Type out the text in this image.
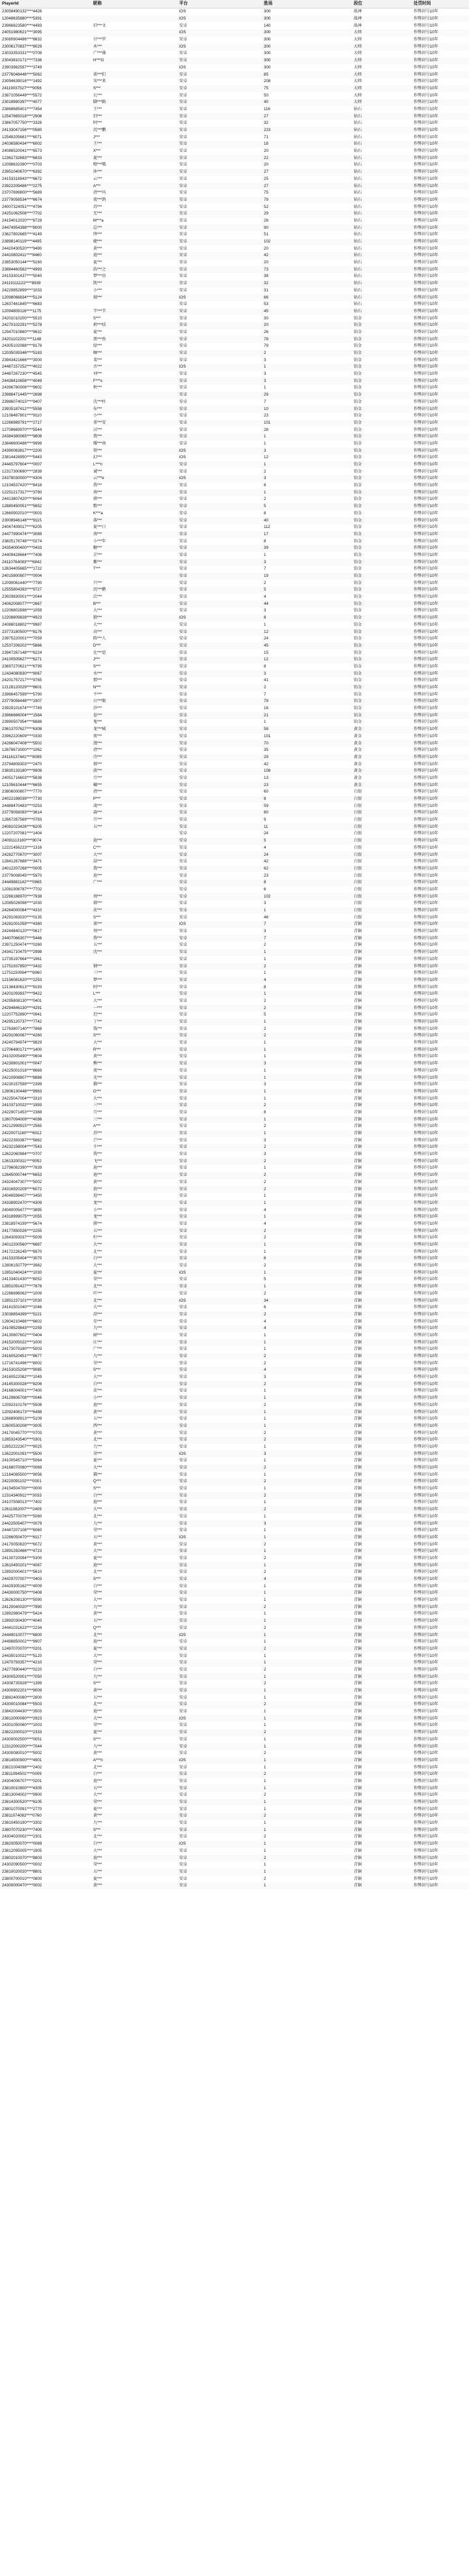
PlayerId	昵称	平台	胜场	段位	处罚时间
23058490132****4426		iOS	300	战神	作弊封号10年
12048635880****5391		iOS	300	战神	作弊封号10年
23966823580****4493	旧***文	安卓	140	战神	作弊封号10年
24051980621****3095		iOS	300	大师	作弊封号10年
23080904486****8632	甘***罗	安卓	300	大师	作弊封号10年
23006170837****8029	木***	iOS	300	大师	作弊封号10年
23033353331****0708	广***藻	安卓	300	大师	作弊封号10年
23043810171****7336	H***G	安卓	300	大师	作弊封号10年
23903982597****3749		iOS	300	大师	作弊封号10年
23776048446****5062	诺***们	安卓	85	大师	作弊封号10年
23094639016****1492	宋***来	安卓	208	大师	作弊封号10年
24119037527****9056	S***	安卓	75	大师	作弊封号10年
23871056449****5572	瓦***	安卓	50	大师	作弊封号10年
23018990397****4077	脚***路	安卓	40	大师	作弊封号10年
23868685401****7454	王***	安卓	116	钻石	作弊封号10年
12547665018****2908	旧***	安卓	27	钻石	作弊封号10年
23867057750****3326	阿***	安卓	32	钻石	作弊封号10年
24133047156****0580	沉***鹏	安卓	223	钻石	作弊封号10年
12548205681****6071	J***	安卓	71	钻石	作弊封号10年
24036580434****6002	王***	安卓	18	钻石	作弊封号10年
24086520041****6573	X***	安卓	20	钻石	作弊封号10年
12361732693****6833	夏***	安卓	22	钻石	作弊封号10年
12098632390****0703	嗯***哦	安卓	20	钻石	作弊封号10年
23951040670****6392	沐***	安卓	27	钻石	作弊封号10年
24153318943****6672	云***	安卓	25	钻石	作弊封号10年
23922209486****2275	A***	安卓	27	钻石	作弊封号10年
23707699800****5689	清***风	安卓	75	钻石	作弊封号10年
23779058534****6674	夜***鸽	安卓	79	钻石	作弊封号10年
24007324051****4794	苏***	安卓	52	钻石	作弊封号10年
24251062506****7702	无***	安卓	29	钻石	作弊封号10年
24154012020****8728	M***a	安卓	28	钻石	作弊封号10年
24474954398****8000	忘***	安卓	90	钻石	作弊封号10年
23627802685****4149	绛***	安卓	51	钻石	作弊封号10年
23898140119****4495	婕***	安卓	102	钻石	作弊封号10年
24420430520****9490	黄***	安卓	20	钻石	作弊封号10年
24410802411****8460	迪***	安卓	42	钻石	作弊封号10年
23853050144****5160	夏***	安卓	20	钻石	作弊封号10年
23884460582****4993	浩***之	安卓	73	钻石	作弊封号10年
24153301437****5040	梦***语	安卓	38	钻石	作弊封号10年
24119111122****8939	凯***	安卓	32	钻石	作弊封号10年
24229852899****1033	小***	安卓	31	钻石	作弊封号10年
12098066834****5124	瑞***	iOS	66	钻石	作弊封号10年
12637461845****6683		安卓	53	钻石	作弊封号10年
12094809116****1175	半***半	安卓	45	钻石	作弊封号10年
24201010200****5510	S***	安卓	30	铂金	作弊封号10年
24270102291****5278	莉***结	安卓	20	铂金	作弊封号10年
12947010860****9632	夏***	安卓	26	铂金	作弊封号10年
24201102201****1148	黑***鱼	安卓	78	铂金	作弊封号10年
24305102088****8178	绿***	安卓	79	铂金	作弊封号10年
12035039346****5183	咖***	安卓	2	铂金	作弊封号10年
23943421666****3000	菜***	安卓	3	铂金	作弊封号10年
24487157252****4022	古***	iOS	1	铂金	作弊封号10年
24487267230****4545	刘***	安卓	3	铂金	作弊封号10年
24438410656****4049	F***x	安卓	3	铂金	作弊封号10年
24396780006****9602	秋***	安卓	1	铂金	作弊封号10年
23988471445****2698		安卓	29	铂金	作弊封号10年
23986074015****9407	沈***柱	安卓	7	铂金	作弊封号10年
23935187412****5558	布***	安卓	10	铂金	作弊封号10年
12108487801****9110	小***	安卓	23	铂金	作弊封号10年
12266989791****2717	重***安	安卓	101	铂金	作弊封号10年
12708669970****5544	汉***	安卓	28	铂金	作弊封号10年
24384380065****9808	我***	安卓	1	铂金	作弊封号10年
23846600486****9999	耀***南	安卓	1	铂金	作弊封号10年
24390063817****2200	铁***	iOS	3	铂金	作弊封号10年
23814428950****5443	幻***	iOS	12	铂金	作弊封号10年
24445797604****0007	L***n	安卓	1	铂金	作弊封号10年
12317300690****2839	诚***	安卓	2	铂金	作弊封号10年
24378030000****4304	云***e	iOS	3	铂金	作弊封号10年
12104537420****8418	我***	安卓	6	铂金	作弊封号10年
12251217317****3790	南***	安卓	1	铂金	作弊封号10年
24413807420****6064	猪***	安卓	2	铂金	作弊封号10年
12880450051****5652	歌***	安卓	5	铂金	作弊封号10年
12660902010****0003	K***a	安卓	8	铂金	作弊封号10年
23008946148****9115	落***	安卓	40	铂金	作弊封号10年
24047409017****6205	夏***日	安卓	112	铂金	作弊封号10年
24477990474****3089	南***	安卓	17	铂金	作弊封号10年
23825176748****0274	小***年	安卓	8	铂金	作弊封号10年
24354000400****0433	糖***	安卓	39	铂金	作弊封号10年
24409428664****7408	芷***	安卓	1	铂金	作弊封号10年
24110764083****6842	紫***	安卓	3	铂金	作弊封号10年
12634405665****1722	T***	安卓	7	铂金	作弊封号10年
24015800807****0004		安卓	19	铂金	作弊封号10年
12090061440****7790	只***	安卓	2	铂金	作弊封号10年
12555804393****9727	沉***鹅	安卓	5	铂金	作弊封号10年
23929830001****2044	泛***	安卓	4	铂金	作弊封号10年
24062008077****2667	B***	安卓	44	铂金	作弊封号10年
12206802898****1059	大***	安卓	3	铂金	作弊封号10年
12208809828****4923	猜***	iOS	8	铂金	作弊封号10年
24088018802****9987	大***	安卓	1	铂金	作弊封号10年
23773180500****8176	高***	安卓	12	铂金	作弊封号10年
23975220001****7059	陈***人	安卓	24	铂金	作弊封号10年
12537206202****5866	D***	安卓	45	铂金	作弊封号10年
23947267148****6224	比***恩	安卓	15	铂金	作弊封号10年
24100505627****6271	J***	安卓	12	铂金	作弊封号10年
23697270621****6799	S***	安卓	8	铂金	作弊封号10年
12434080830****9067	水***	安卓	3	铂金	作弊封号10年
24201757217****9765	那***	安卓	41	铂金	作弊封号10年
12128120029****8601	N***	安卓	2	铂金	作弊封号10年
23966457599****5790	不***	安卓	7	铂金	作弊封号10年
23779056448****1907	日***眼	安卓	79	铂金	作弊封号10年
23929101674****7749	沙***	安卓	16	铂金	作弊封号10年
23966666004****1564	卷***	安卓	21	铂金	作弊封号10年
23990507954****6888	鬼***	安卓	1	铂金	作弊封号10年
23613707627****6308	龙***城	安卓	58	黄金	作弊封号10年
23962220609****0330	夜***	安卓	101	黄金	作弊封号10年
24266047408****5502	漫***	安卓	70	黄金	作弊封号10年
12678673000****1062	清***	安卓	35	黄金	作弊封号10年
24116137441****8099	冷***	安卓	29	黄金	作弊封号10年
23794809303****2470	郝***	安卓	42	黄金	作弊封号10年
23830133180****9908	淡***	安卓	108	黄金	作弊封号10年
24051716603****5838	月***	安卓	13	黄金	作弊封号10年
12105610444****6655	橘***	安卓	23	黄金	作弊封号10年
23806000807****7770	清***	安卓	60	白银	作弊封号10年
24022198039****7730	P***	安卓	8	白银	作弊封号10年
24488470483****0253	凌***	安卓	59	白银	作弊封号10年
23779058093****3614	森***	安卓	60	白银	作弊封号10年
12667267569****0783	月***	安卓	9	白银	作弊封号10年
24081023426****6205	五***	安卓	11	白银	作弊封号10年
12207207081****1404		安卓	24	白银	作弊封号10年
24091113180****9074	迪***	安卓	5	白银	作弊封号10年
12221456223****1316	C***	安卓	4	白银	作弊封号10年
24282770670****3007	大***	安卓	24	白银	作弊封号10年
12841267888****3471	喆***	安卓	42	白银	作弊封号10年
24012207268****0005	我***	安卓	62	白银	作弊封号10年
23779008045****5970	迪***	安卓	23	白银	作弊封号10年
24449881142****0865	广***	安卓	8	白银	作弊封号10年
12081906787****7702		安卓	6	白银	作弊封号10年
12266188970****7938	周***	安卓	102	白银	作弊封号10年
12085026098****1030	郝***	安卓	3	白银	作弊封号10年
24264000084****4310	皮***	安卓	1	白银	作弊封号10年
24291083020****0135	S***	安卓	46	白银	作弊封号10年
24281001059****4380	诺***	iOS	7	青铜	作弊封号10年
24244840120****0617	周***	安卓	3	青铜	作弊封号10年
24407066307****5446	我***	安卓	7	青铜	作弊封号10年
23971250474****0260	五***	安卓	2	青铜	作弊封号10年
24341710475****2998	沈***	安卓	1	青铜	作弊封号10年
12735197664****1961		安卓	1	青铜	作弊封号10年
12751937850****3432	钢***	安卓	2	青铜	作弊封号10年
12751150994****8960	三***	安卓	1	青铜	作弊封号10年
12156081620****2253	梦***	安卓	4	青铜	作弊封号10年
12136430613****9193	阿***	安卓	8	青铜	作弊封号10年
24201093837****9422	L***	安卓	1	青铜	作弊封号10年
24295808130****0401	大***	安卓	2	青铜	作弊封号10年
24294846130****4291	一***	安卓	2	青铜	作弊封号10年
12207752890****0941	迟***	安卓	5	青铜	作弊封号10年
24295120737****7742	丁***	安卓	1	青铜	作弊封号10年
12763807140****7868	钱***	安卓	2	青铜	作弊封号10年
24291060067****4260	S***	安卓	2	青铜	作弊封号10年
24240794974****9829	大***	安卓	1	青铜	作弊封号10年
12706480171****1400	R***	安卓	1	青铜	作弊封号10年
24102005490****0604	黄***	安卓	1	青铜	作弊封号10年
24230801001****0047	熊***	安卓	3	青铜	作弊封号10年
24225001018****8669	夜***	安卓	1	青铜	作弊封号10年
24210908807****8888	光***	安卓	1	青铜	作弊封号10年
24230157599****2399	猫***	安卓	3	青铜	作弊封号10年
12806130448****9983	G***	安卓	1	青铜	作弊封号10年
24225047004****3310	大***	安卓	1	青铜	作弊封号10年
24103710022****1993	三***	安卓	2	青铜	作弊封号10年
24229071453****2388	月***	安卓	6	青铜	作弊封号10年
12607094009****4098	三***	安卓	1	青铜	作弊封号10年
24212999915****2565	A***	安卓	2	青铜	作弊封号10年
24220071160****6012	苏***	安卓	1	青铜	作弊封号10年
24222393387****5662	芒***	安卓	3	青铜	作弊封号10年
24232158004****7543	千***	安卓	2	青铜	作弊封号10年
12622060984****0707	我***	安卓	3	青铜	作弊封号10年
12613200311****9052	飞***	安卓	2	青铜	作弊封号10年
12796082390****7839	迪***	安卓	1	青铜	作弊封号10年
12645000744****6653	迪***	安卓	2	青铜	作弊封号10年
24324047307****5002	黄***	安卓	2	青铜	作弊封号10年
24316920209****6072	浪***	安卓	2	青铜	作弊封号10年
24048598407****3450	追***	安卓	1	青铜	作弊封号10年
24338902470****4309	龙***	安卓	1	青铜	作弊封号10年
24040005477****3895	小***	安卓	4	青铜	作弊封号10年
24318999075****2055	龙***	安卓	1	青铜	作弊封号10年
23818974199****5674	猪***	安卓	4	青铜	作弊封号10年
24177850026****2255	五***	安卓	2	青铜	作弊封号10年
12643093037****5009	柠***	安卓	2	青铜	作弊封号10年
24012200560****6687	大***	安卓	1	青铜	作弊封号10年
24172226245****8970	北***	安卓	1	青铜	作弊封号10年
24153205404****3070	白***	安卓	6	青铜	作弊封号10年
12806150779****3982	大***	安卓	2	青铜	作弊封号10年
12851040424****1030	夏***	iOS	1	青铜	作弊封号10年
24133401430****8052	荣***	安卓	5	青铜	作弊封号10年
12851091427****7878	北***	安卓	1	青铜	作弊封号10年
12286696062****1009	吖***	安卓	2	青铜	作弊封号10年
12851237101****2030	北***	iOS	34	青铜	作弊封号10年
24141501040****1046	大***	安卓	6	青铜	作弊封号10年
23038854399****5221	凉***	安卓	2	青铜	作弊封号10年
12804210466****6602	星***	安卓	4	青铜	作弊封号10年
24109529843****2259	九***	安卓	4	青铜	作弊封号10年
24130807602****0404	耐***	安卓	1	青铜	作弊封号10年
24152005022****1000	江***	安卓	1	青铜	作弊封号10年
24173079180****5003	广***	安卓	1	青铜	作弊封号10年
24160520451****8677	九***	安卓	2	青铜	作弊封号10年
12716741496****8002	荣***	安卓	2	青铜	作弊封号10年
24153025208****9085	S***	安卓	4	青铜	作弊封号10年
24160522082****1049	大***	安卓	3	青铜	作弊封号10年
24145300028****8206	白***	安卓	2	青铜	作弊封号10年
24168004001****7400	皮***	安卓	1	青铜	作弊封号10年
24129606708****0046	小***	安卓	1	青铜	作弊封号10年
12092310176****5508	迪***	安卓	2	青铜	作弊封号10年
12092406173****6498	黄***	安卓	1	青铜	作弊封号10年
12668908913****5109	五***	安卓	1	青铜	作弊封号10年
12600530208****3005	西***	安卓	1	青铜	作弊封号10年
24170045770****0703	黄***	安卓	2	青铜	作弊封号10年
12853243540****0301	北***	安卓	2	青铜	作弊封号10年
12852222307****9025	九***	安卓	1	青铜	作弊封号10年
12622001091****5500	荣***	iOS	3	青铜	作弊封号10年
24100545710****5064	夏***	安卓	1	青铜	作弊封号10年
24168070080****0069	大***	安卓	2	青铜	作弊封号10年
12164085500****9056	猫***	安卓	1	青铜	作弊封号10年
24220091102****0001	Q***	安卓	2	青铜	作弊封号10年
24154504700****0000	S***	安卓	1	青铜	作弊封号10年
12314340911****3033	白***	安卓	2	青铜	作弊封号10年
24107508013****7402	迪***	安卓	1	青铜	作弊封号10年
12611082007****2409	大***	安卓	2	青铜	作弊封号10年
24425770076****5080	北***	安卓	1	青铜	作弊封号10年
24422505407****0079	九***	安卓	3	青铜	作弊封号10年
24447207108****6060	荣***	安卓	1	青铜	作弊封号10年
12286050470****6117	五***	iOS	1	青铜	作弊封号10年
24170050820****6072	黄***	安卓	2	青铜	作弊封号10年
12891292466****4723	大***	安卓	1	青铜	作弊封号10年
24130720094****5300	夏***	安卓	2	青铜	作弊封号10年
12610450201****4087	迪***	安卓	1	青铜	作弊封号10年
12892000401****5610	北***	安卓	2	青铜	作弊封号10年
24429707007****0403	S***	安卓	4	青铜	作弊封号10年
24429305162****4009	白***	安卓	1	青铜	作弊封号10年
24430000750****0408	荣***	安卓	1	青铜	作弊封号10年
12626208130****5090	大***	安卓	1	青铜	作弊封号10年
24120040020****7990	九***	安卓	2	青铜	作弊封号10年
12892980479****5424	黄***	安卓	1	青铜	作弊封号10年
12892030430****4040	五***	安卓	1	青铜	作弊封号10年
24441031623****2234	Q***	安卓	2	青铜	作弊封号10年
24449010077****6800	北***	iOS	1	青铜	作弊封号10年
24498850002****9907	迪***	安卓	1	青铜	作弊封号10年
12497070070****0201	夏***	安卓	2	青铜	作弊封号10年
24435010022****5120	大***	安卓	1	青铜	作弊封号10年
12470793357****4210	荣***	安卓	1	青铜	作弊封号10年
24277690440****0220	白***	安卓	2	青铜	作弊封号10年
24300520001****7050	九***	安卓	1	青铜	作弊封号10年
24308735928****1399	S***	安卓	2	青铜	作弊封号10年
24300902201****9009	黄***	安卓	1	青铜	作弊封号10年
23882400080****2800	五***	安卓	1	青铜	作弊封号10年
24300010084****5503	北***	安卓	2	青铜	作弊封号10年
23842004430****3503	迪***	安卓	1	青铜	作弊封号10年
23812000090****2923	大***	iOS	1	青铜	作弊封号10年
24301050060****1003	荣***	安卓	1	青铜	作弊封号10年
23822200010****2333	夏***	安卓	2	青铜	作弊封号10年
24300002500****0051	S***	安卓	1	青铜	作弊封号10年
12312000200****7044	九***	安卓	1	青铜	作弊封号10年
24300080010****5002	黄***	安卓	2	青铜	作弊封号10年
23814500900****4901	A***n	iOS	1	青铜	作弊封号10年
23821004098****2402	北***	安卓	1	青铜	作弊封号10年
23811094501****0009	白***	安卓	2	青铜	作弊封号10年
24304006707****0201	迪***	安卓	1	青铜	作弊封号10年
23810010900****4305	五***	安卓	1	青铜	作弊封号10年
23813004002****9900	大***	安卓	2	青铜	作弊封号10年
23814300520****6105	荣***	安卓	1	青铜	作弊封号10年
23801070091****2770	夏***	安卓	1	青铜	作弊封号10年
23811074082****0760	黄***	安卓	2	青铜	作弊封号10年
23810450190****3302	九***	安卓	1	青铜	作弊封号10年
23807070230****7400	S***	安卓	1	青铜	作弊封号10年
24304020002****2301	北***	安卓	2	青铜	作弊封号10年
23820050070****0089	白***	iOS	1	青铜	作弊封号10年
23812095005****1905	大***	安卓	1	青铜	作弊封号10年
23802010070****8803	迪***	安卓	2	青铜	作弊封号10年
24302090500****0002	荣***	安卓	1	青铜	作弊封号10年
23810020020****8801	五***	安卓	1	青铜	作弊封号10年
23800700010****0800	夏***	安卓	2	青铜	作弊封号10年
24300000470****0002	黄***	安卓	1	青铜	作弊封号10年
